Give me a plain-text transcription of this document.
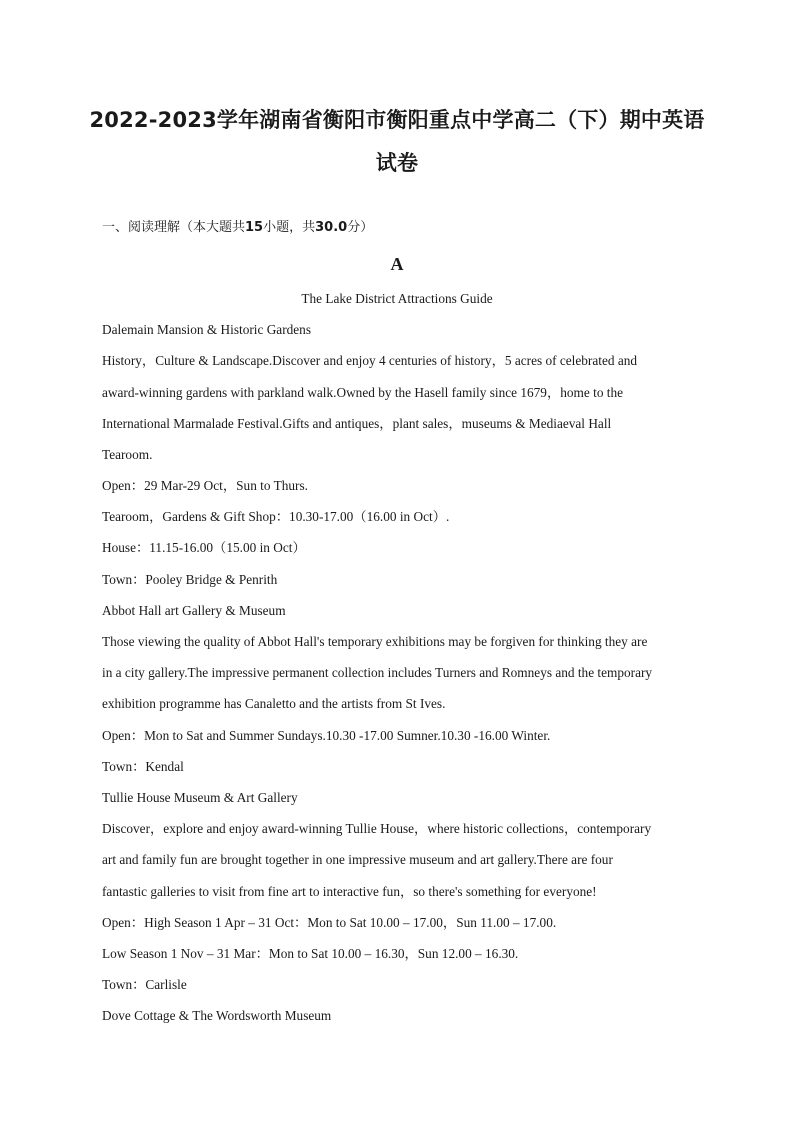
2022-2023学年湖南省衡阳市衡阳重点中学高二（下）期中英语
试卷
一、阅读理解（本大题共15小题，共30.0分）
A
The Lake District Attractions Guide
Dalemain Mansion & Historic Gardens
History，Culture & Landscape.Discover and enjoy 4 centuries of history，5 acres of celebrated and
award-winning gardens with parkland walk.Owned by the Hasell family since 1679，home to the
International Marmalade Festival.Gifts and antiques，plant sales，museums & Mediaeval Hall
Tearoom.
Open：29 Mar-29 Oct，Sun to Thurs.
Tearoom，Gardens & Gift Shop：10.30-17.00（16.00 in Oct）.
House：11.15-16.00（15.00 in Oct）
Town：Pooley Bridge & Penrith
Abbot Hall art Gallery & Museum
Those viewing the quality of Abbot Hall's temporary exhibitions may be forgiven for thinking they are
in a city gallery.The impressive permanent collection includes Turners and Romneys and the temporary
exhibition programme has Canaletto and the artists from St Ives.
Open：Mon to Sat and Summer Sundays.10.30 -17.00 Sumner.10.30 -16.00 Winter.
Town：Kendal
Tullie House Museum & Art Gallery
Discover，explore and enjoy award-winning Tullie House，where historic collections，contemporary
art and family fun are brought together in one impressive museum and art gallery.There are four
fantastic galleries to visit from fine art to interactive fun，so there's something for everyone!
Open：High Season 1 Apr – 31 Oct：Mon to Sat 10.00 – 17.00，Sun 11.00 – 17.00.
Low Season 1 Nov – 31 Mar：Mon to Sat 10.00 – 16.30，Sun 12.00 – 16.30.
Town：Carlisle
Dove Cottage & The Wordsworth Museum
